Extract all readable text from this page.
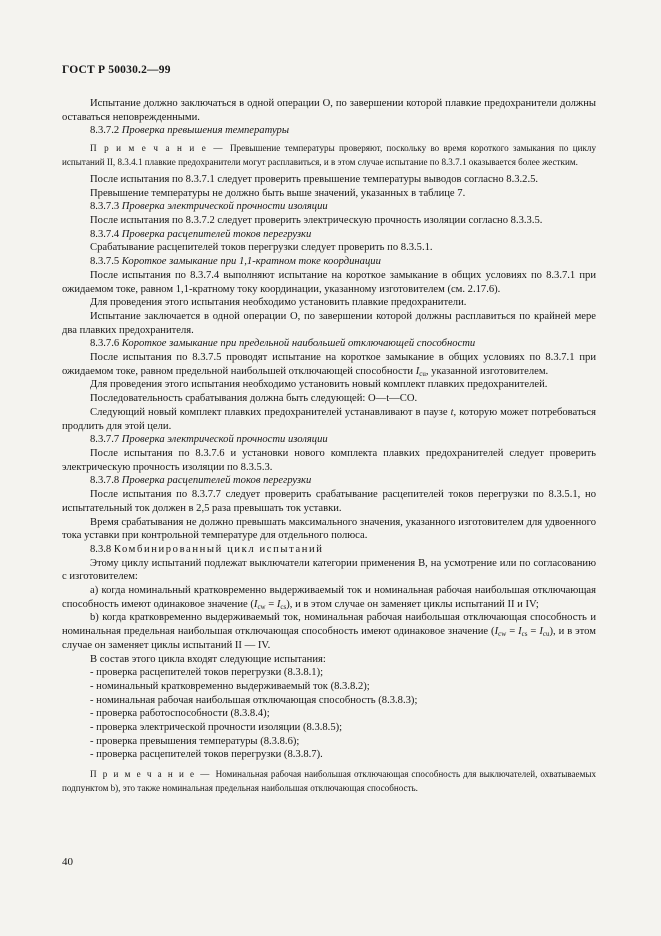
ГОСТ Р 50030.2—99

Испытание должно заключаться в одной операции О, по завершении которой плавкие предохранители должны оставаться неповрежденными.

8.3.7.2 Проверка превышения температуры

П р и м е ч а н и е — Превышение температуры проверяют, поскольку во время короткого замыкания по циклу испытаний II, 8.3.4.1 плавкие предохранители могут расплавиться, и в этом случае испытание по 8.3.7.1 оказывается более жестким.

После испытания по 8.3.7.1 следует проверить превышение температуры выводов согласно 8.3.2.5.

Превышение температуры не должно быть выше значений, указанных в таблице 7.

8.3.7.3 Проверка электрической прочности изоляции

После испытания по 8.3.7.2 следует проверить электрическую прочность изоляции согласно 8.3.3.5.

8.3.7.4 Проверка расцепителей токов перегрузки

Срабатывание расцепителей токов перегрузки следует проверить по 8.3.5.1.

8.3.7.5 Короткое замыкание при 1,1-кратном токе координации

После испытания по 8.3.7.4 выполняют испытание на короткое замыкание в общих условиях по 8.3.7.1 при ожидаемом токе, равном 1,1-кратному току координации, указанному изготовителем (см. 2.17.6).

Для проведения этого испытания необходимо установить плавкие предохранители.

Испытание заключается в одной операции О, по завершении которой должны расплавиться по крайней мере два плавких предохранителя.

8.3.7.6 Короткое замыкание при предельной наибольшей отключающей способности

После испытания по 8.3.7.5 проводят испытание на короткое замыкание в общих условиях по 8.3.7.1 при ожидаемом токе, равном предельной наибольшей отключающей способности $I_{cu}$, указанной изготовителем.

Для проведения этого испытания необходимо установить новый комплект плавких предохранителей.

Последовательность срабатывания должна быть следующей: О—t—СО.

Следующий новый комплект плавких предохранителей устанавливают в паузе t, которую может потребоваться продлить для этой цели.

8.3.7.7 Проверка электрической прочности изоляции

После испытания по 8.3.7.6 и установки нового комплекта плавких предохранителей следует проверить электрическую прочность изоляции по 8.3.5.3.

8.3.7.8 Проверка расцепителей токов перегрузки

После испытания по 8.3.7.7 следует проверить срабатывание расцепителей токов перегрузки по 8.3.5.1, но испытательный ток должен в 2,5 раза превышать ток уставки.

Время срабатывания не должно превышать максимального значения, указанного изготовителем для удвоенного тока уставки при контрольной температуре для отдельного полюса.

8.3.8 Комбинированный цикл испытаний

Этому циклу испытаний подлежат выключатели категории применения В, на усмотрение или по согласованию с изготовителем:

a) когда номинальный кратковременно выдерживаемый ток и номинальная рабочая наибольшая отключающая способность имеют одинаковое значение $(I_{cw} = I_{cs})$, и в этом случае он заменяет циклы испытаний II и IV;

b) когда кратковременно выдерживаемый ток, номинальная рабочая наибольшая отключающая способность и номинальная предельная наибольшая отключающая способность имеют одинаковое значение $(I_{cw} = I_{cs} = I_{cu})$, и в этом случае он заменяет циклы испытаний II — IV.

В состав этого цикла входят следующие испытания:

- проверка расцепителей токов перегрузки (8.3.8.1);

- номинальный кратковременно выдерживаемый ток (8.3.8.2);

- номинальная рабочая наибольшая отключающая способность (8.3.8.3);

- проверка работоспособности (8.3.8.4);

- проверка электрической прочности изоляции (8.3.8.5);

- проверка превышения температуры (8.3.8.6);

- проверка расцепителей токов перегрузки (8.3.8.7).

П р и м е ч а н и е — Номинальная рабочая наибольшая отключающая способность для выключателей, охватываемых подпунктом b), это также номинальная предельная наибольшая отключающая способность.

40
